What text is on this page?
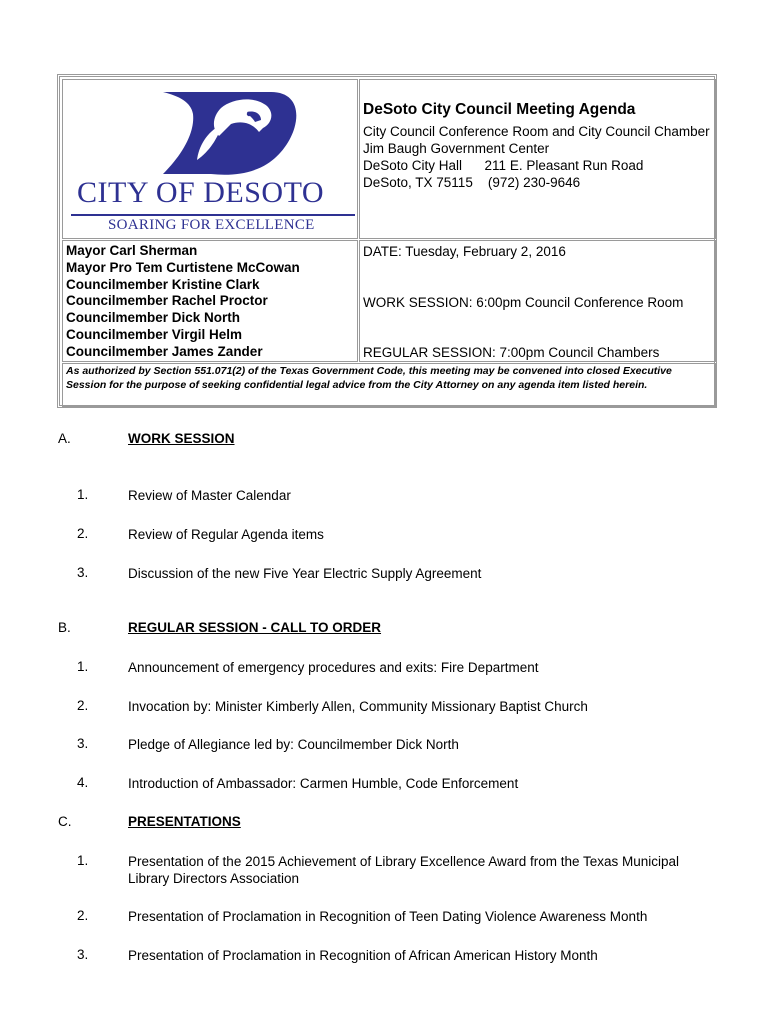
CITY OF DESOTO
SOARING FOR EXCELLENCE
DeSoto City Council Meeting Agenda
City Council Conference Room and City Council Chamber
Jim Baugh Government Center
DeSoto City Hall      211 E. Pleasant Run Road
DeSoto, TX 75115    (972) 230-9646
Mayor Carl Sherman
Mayor Pro Tem Curtistene McCowan
Councilmember Kristine Clark
Councilmember Rachel Proctor
Councilmember Dick North
Councilmember Virgil Helm
Councilmember James Zander
DATE: Tuesday, February 2, 2016
WORK SESSION: 6:00pm Council Conference Room
REGULAR SESSION: 7:00pm Council Chambers
As authorized by Section 551.071(2) of the Texas Government Code, this meeting may be convened into closed Executive Session for the purpose of seeking confidential legal advice from the City Attorney on any agenda item listed herein.
A.	WORK SESSION
1.	Review of Master Calendar
2.	Review of Regular Agenda items
3.	Discussion of the new Five Year Electric Supply Agreement
B.	REGULAR SESSION - CALL TO ORDER
1.	Announcement of emergency procedures and exits: Fire Department
2.	Invocation by: Minister Kimberly Allen, Community Missionary Baptist Church
3.	Pledge of Allegiance led by: Councilmember Dick North
4.	Introduction of Ambassador: Carmen Humble, Code Enforcement
C.	PRESENTATIONS
1.	Presentation of the 2015 Achievement of Library Excellence Award from the Texas Municipal Library Directors Association
2.	Presentation of Proclamation in Recognition of Teen Dating Violence Awareness Month
3.	Presentation of Proclamation in Recognition of African American History Month
